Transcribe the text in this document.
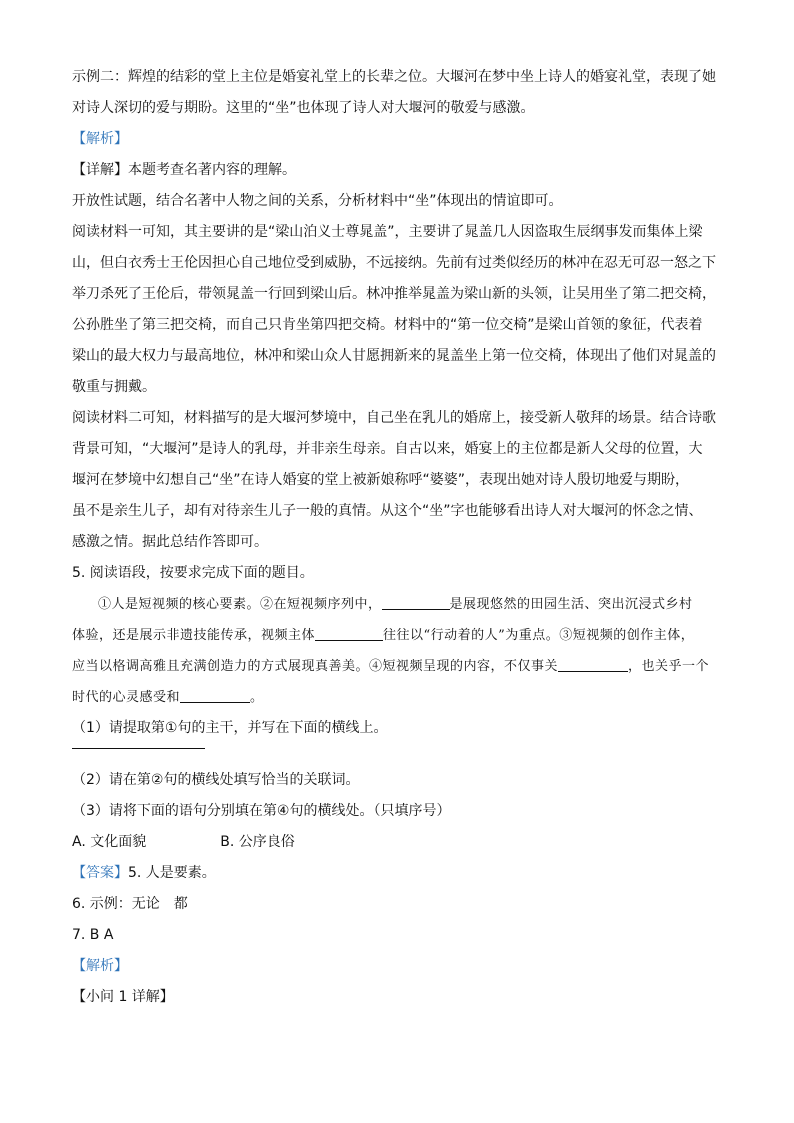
示例二：辉煌的结彩的堂上主位是婚宴礼堂上的长辈之位。大堰河在梦中坐上诗人的婚宴礼堂，表现了她

对诗人深切的爱与期盼。这里的“坐”也体现了诗人对大堰河的敬爱与感激。

【解析】

【详解】本题考查名著内容的理解。

开放性试题，结合名著中人物之间的关系，分析材料中“坐”体现出的情谊即可。

阅读材料一可知，其主要讲的是“梁山泊义士尊晁盖”，主要讲了晁盖几人因盗取生辰纲事发而集体上梁

山，但白衣秀士王伦因担心自己地位受到威胁，不远接纳。先前有过类似经历的林冲在忍无可忍一怒之下

举刀杀死了王伦后，带领晁盖一行回到梁山后。林冲推举晁盖为梁山新的头领，让吴用坐了第二把交椅，

公孙胜坐了第三把交椅，而自己只肯坐第四把交椅。材料中的“第一位交椅”是梁山首领的象征，代表着

梁山的最大权力与最高地位，林冲和梁山众人甘愿拥新来的晁盖坐上第一位交椅，体现出了他们对晁盖的

敬重与拥戴。

阅读材料二可知，材料描写的是大堰河梦境中，自己坐在乳儿的婚席上，接受新人敬拜的场景。结合诗歌

背景可知，“大堰河”是诗人的乳母，并非亲生母亲。自古以来，婚宴上的主位都是新人父母的位置，大

堰河在梦境中幻想自己“坐”在诗人婚宴的堂上被新娘称呼“婆婆”，表现出她对诗人殷切地爱与期盼，

虽不是亲生儿子，却有对待亲生儿子一般的真情。从这个“坐”字也能够看出诗人对大堰河的怀念之情、

感激之情。据此总结作答即可。

5. 阅读语段，按要求完成下面的题目。

①人是短视频的核心要素。②在短视频序列中，	是展现悠然的田园生活、突出沉浸式乡村

体验，还是展示非遗技能传承，视频主体	往往以“行动着的人”为重点。③短视频的创作主体，

应当以格调高雅且充满创造力的方式展现真善美。④短视频呈现的内容，不仅事关	，也关乎一个

时代的心灵感受和	。

（1）请提取第①句的主干，并写在下面的横线上。

（2）请在第②句的横线处填写恰当的关联词。

（3）请将下面的语句分别填在第④句的横线处。（只填序号）

A. 文化面貌	B. 公序良俗

【答案】5. 人是要素。

6. 示例：无论　都

7. B A

【解析】

【小问 1 详解】
